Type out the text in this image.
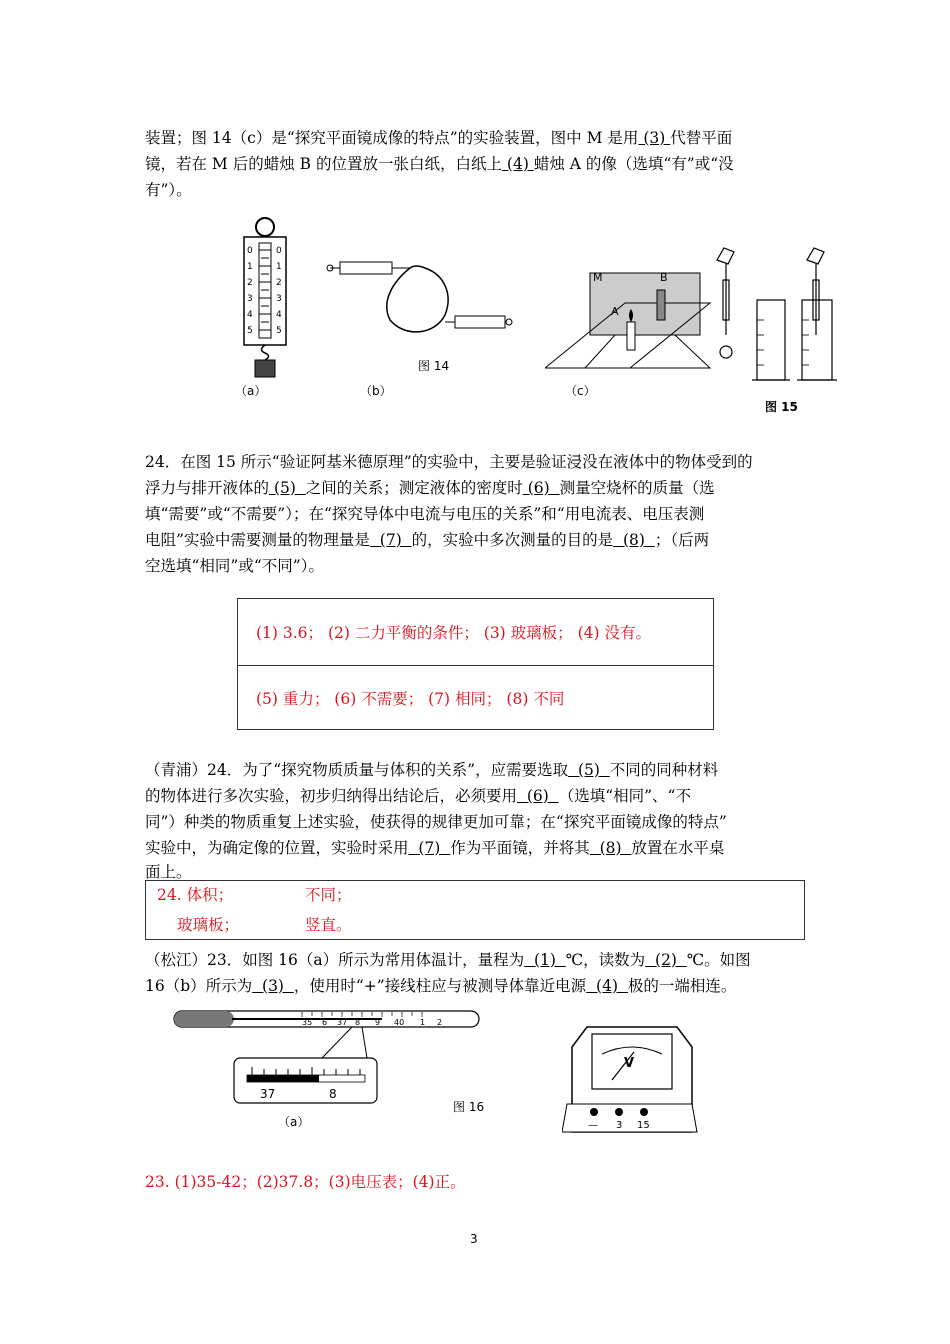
装置；图 14（c）是“探究平面镜成像的特点”的实验装置，图中 M 是用 (3) 代替平面
镜，若在 M 后的蜡烛 B 的位置放一张白纸，白纸上 (4) 蜡烛 A 的像（选填“有”或“没
有”）。
0
1
2
3
4
5
0
1
2
3
4
5
图 14
M
A
B
（a）	（b）	（c）
图 15
24．在图 15 所示“验证阿基米德原理”的实验中，主要是验证浸没在液体中的物体受到的
浮力与排开液体的 (5) 之间的关系；测定液体的密度时 (6) 测量空烧杯的质量（选
填“需要”或“不需要”）；在“探究导体中电流与电压的关系”和“用电流表、电压表测
电阻”实验中需要测量的物理量是 (7) 的，实验中多次测量的目的是 (8) ；（后两
空选填“相同”或“不同”）。
(1) 3.6； (2) 二力平衡的条件； (3) 玻璃板； (4) 没有。
(5) 重力； (6) 不需要； (7) 相同； (8) 不同
（青浦）24．为了“探究物质质量与体积的关系”，应需要选取 (5) 不同的同种材料
的物体进行多次实验，初步归纳得出结论后，必须要用 (6) （选填“相同”、“不
同”）种类的物质重复上述实验，使获得的规律更加可靠；在“探究平面镜成像的特点”
实验中，为确定像的位置，实验时采用 (7) 作为平面镜，并将其 (8) 放置在水平桌
面上。
24. 体积；	不同；
玻璃板；	竖直。
（松江）23．如图 16（a）所示为常用体温计，量程为 (1) ℃，读数为 (2) ℃。如图
16（b）所示为 (3) ，使用时“+”接线柱应与被测导体靠近电源 (4) 极的一端相连。
35 6 37 8 9 40 1 2
37	8
（a）
图 16
V
— 3 15
23. (1)35-42；(2)37.8；(3)电压表；(4)正。
3
